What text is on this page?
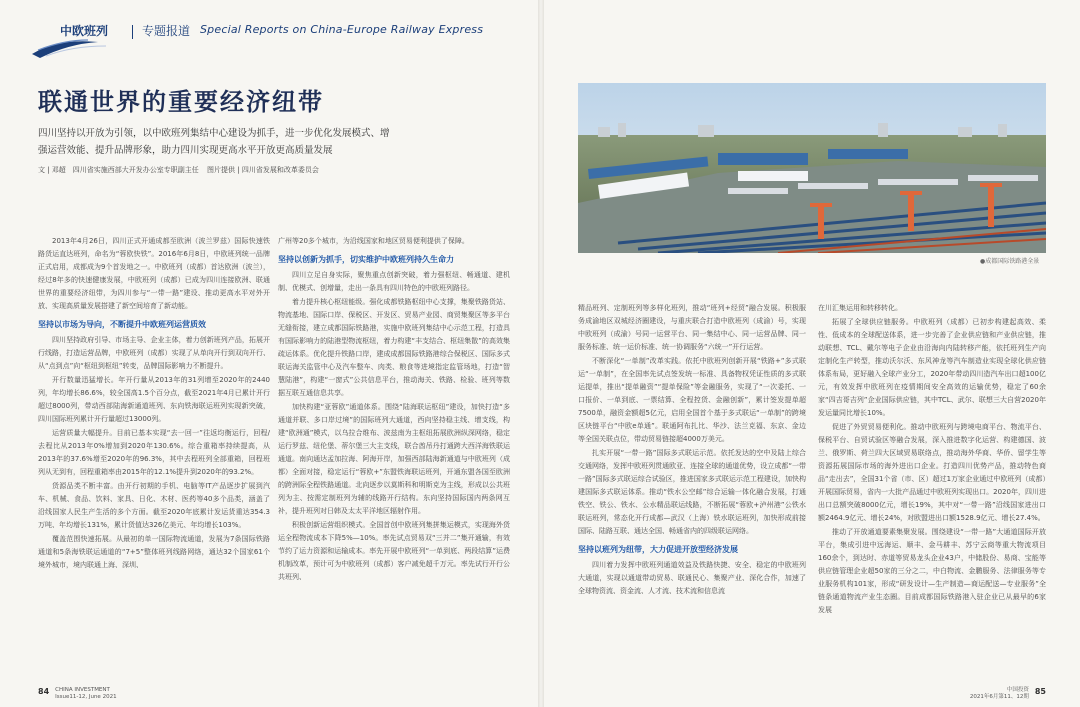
中欧班列	专题报道 Special Reports on China-Europe Railway Express
联通世界的重要经济纽带
四川坚持以开放为引领，以中欧班列集结中心建设为抓手，进一步优化发展模式、增强运营效能、提升品牌形象，助力四川实现更高水平开放更高质量发展
文 | 邓超　四川省实施西部大开发办公室专职副主任 图片提供 | 四川省发展和改革委员会
●成都国际铁路港全景

2013年4月26日，四川正式开通成都至欧洲（波兰罗兹）国际快速铁路货运直达班列，命名为“蓉欧快铁”。2016年6月8日，中欧班列统一品牌正式启用，成都成为9个首发地之一。中欧班列（成都）首达欧洲（波兰），经过8年多的快速健康发展，中欧班列（成都）已成为四川连接欧洲、联通世界的重要经济纽带，为四川参与“一带一路”建设、推动更高水平对外开放、实现高质量发展搭建了新空间培育了新动能。

坚持以市场为导向，不断提升中欧班列运营质效

四川坚持政府引导、市场主导、企业主体，着力创新班列产品，拓展开行线路，打造运营品牌，中欧班列（成都）实现了从单向开行到双向开行、从“点到点”向“枢纽到枢纽”转变，品牌国际影响力不断提升。

开行数量迅猛增长。年开行量从2013年的31列增至2020年的2440列，年均增长86.6%，较全国高1.5个百分点，截至2021年4月已累计开行超过8000列，带动西部陆海新通道班列、东向铁海联运班列实现新突破，四川国际班列累计开行量超过13000列。

运营质量大幅提升。目前已基本实现“去一回一”往返均衡运行，回程/去程比从2013年0%增加到2020年130.6%。综合重箱率持续提高，从2013年的37.6%增至2020年的96.3%，其中去程班列全部重箱，回程班列从无到有，回程重箱率由2015年的12.1%提升到2020年的93.2%。

货源品类不断丰富。由开行初期的手机、电脑等IT产品逐步扩展到汽车、机械、食品、饮料、家具、日化、木材、医药等40多个品类，涵盖了沿线国家人民生产生活的多个方面。截至2020年底累计发运货重达354.3万吨、年均增长131%，累计货值达326亿美元、年均增长103%。

覆盖范围快速拓展。从最初的单一国际物流通道，发展为7条国际铁路通道和5条海铁联运通道的“7+5”整体班列线路网络，通达32个国家61个境外城市，境内联通上海、深圳、

广州等20多个城市，为沿线国家和地区贸易便利提供了保障。

坚持以创新为抓手，切实维护中欧班列持久生命力

四川立足自身实际，聚焦重点创新突破，着力强枢纽、畅通道、建机制、优模式、创增量，走出一条具有四川特色的中欧班列路径。

着力提升核心枢纽能级。强化成都铁路枢纽中心支撑，集聚铁路货站、物流基地、国际口岸、保税区、开发区、贸易产业园、商贸集聚区等多平台无缝衔接，建立成都国际铁路港，实施中欧班列集结中心示范工程，打造具有国际影响力的陆港型物流枢纽，着力构建“丰支结合、枢纽集散”的高效集疏运体系。优化提升铁路口岸，建成成都国际铁路港综合保税区、国际多式联运海关监管中心及汽车整车、肉类、粮食等进境指定监管场地，打造“智慧陆港”，构建“一窗式”公共信息平台，推动海关、铁路、检验、班列等数据互联互通信息共享。

加快构建“亚蓉欧”通道体系。围绕“陆海联运枢纽”建设，加快打造“多通道并联、多口岸过境”的国际班列大通道，西向坚持稳主线、增支线，构建“欧洲通”模式，以乌拉合维布、波兹南为主枢纽拓展欧洲纵深网络，稳定运行罗兹、纽伦堡、蒂尔堡三大主支线，联合酋吊丹打通跨大西洋海铁联运通道。南向通达孟加拉海、阿海开岸，加强西部陆海新通道与中欧班列（成都）全面对接，稳定运行“蓉欧+”东盟铁海联运班列，开通东盟各国至欧洲的跨洲际全程铁路通道。北向逐步以莫斯科和明斯克为主线，形成以公共班列为主、按需定制班列为辅的线路开行结构。东向坚持国际国内两条网互补，提升班列对日韩及太太平洋地区辐射作用。

积极创新运营组织模式。全国首创中欧班列集拼集运模式，实现海外货运全程物流成本下降5%—10%。率先试点贸易双“三并二”集开通输，有效节约了运力资源和运输成本。率先开展中欧班列“一单到底、两段结算”运费机制改革，预计可为中欧班列（成都）客户减免超千万元。率先试行开行公共班列、

精品班列、定制班列等多样化班列，推动“班列+经贸”融合发展。积极服务成渝地区双城经济圈建设，与重庆联合打造中欧班列（成渝）号，实现中欧班列（成渝）号同一运营平台、同一集结中心、同一运营品牌、同一服务标准、统一运价标准、统一协调服务“六统一”开行运营。

不断深化“一单制”改革实践。依托中欧班列创新开展“铁路+”多式联运“一单制”，在全国率先试点签发统一标准、具备物权凭证性质的多式联运提单，推出“提单融资”“提单保险”等金融服务，实现了“一次委托、一口报价、一单到底、一票结算、全程控货、金融创新”，累计签发提单超7500单，融资金额超5亿元，启用全国首个基于多式联运“一单制”的跨境区块链平台“中欧e单通”。联通阿布扎比、华沙、法兰克福、东京、金边等全国关联点位，带动贸易链接超4000万美元。

扎实开展“一带一路”国际多式联运示范。依托发达的空中及陆上综合交通网络，发挥中欧班列贯通欧亚、连接全球的通道优势，设立成都“一带一路”国际多式联运综合试验区，推进国家多式联运示范工程建设，加快构建国际多式联运体系。推动“铁水公空邮”综合运输一体化融合发展，打通铁空、铁公、铁水、公水精品联运线路，不断拓展“蓉欧+泸州港”公铁水联运班列，常态化开行成都—武汉（上海）铁水联运班列，加快形成前接国际、陆路互联、通达全国、畅通省内的四级联运网络。

坚持以班列为纽带，大力促进开放型经济发展

四川着力发挥中欧班列通道效益及铁路快捷、安全、稳定的中欧班列大通道，实现以通道带动贸易、联通民心、集聚产业、深化合作，加速了全球物资流、资金流、人才流、技术流和信息流

在川汇集运用和转移转化。

拓展了全球供应链服务。中欧班列（成都）已初步构建起高效、柔性、低成本的全球配送体系，进一步完善了企业供应链和产业供应链，推动联想、TCL、戴尔等电子企业由沿海向内陆转移产能，依托班列生产向定制化生产转型，推动沃尔沃、东风神龙等汽车制造业实现全球化供应链体系布局，更好融入全球产业分工，2020年带动四川造汽车出口超100亿元，有效发挥中欧班列在疫情期间安全高效的运输优势，稳定了60余家“四吉哥吉列”企业国际供应链，其中TCL、武尔、联想三大自营2020年发运量同比增长10%。

促进了外贸贸易便利化。推动中欧班列与跨境电商平台、物流平台、保税平台、自贸试验区等融合发展，深入推进数字化运营、构建德国、波兰、俄罗斯、荷兰四大区域贸易联络点，推动海外华商、华侨、留学生等资源拓展国际市场的海外进出口企业。打造四川优势产品，推动特色商品“走出去”，全国31个省（市、区）超过1万家企业通过中欧班列（成都）开展国际贸易，省内一大批产品通过中欧班列实现出口。2020年，四川进出口总额突破8000亿元，增长19%，其中对“一带一路”沿线国家进出口额2464.9亿元、增长24%，对欧盟进出口额1528.9亿元、增长27.4%。

推动了开放通道要素集聚发展。围绕建设“一带一路”大通道国际开放平台，集成引进中远海运、顺丰、金马耕丰、苏宁云商等重大物流项目160余个，到达时、赤道等贸易龙头企业43户，中储股份、易商、宝能等供应链管理企业超50家的三分之二，中白物流、金鹏服务、法律服务等专业服务机构101家，形成“研发设计—生产制造—商运配送—专业服务”全链条通道物流产业生态圈。目前成都国际铁路港入驻企业已从最早的6家发展

84 CHINA INVESTMENT
Issue11-12, June 2021
中国投资
2021年6月第11、12期
85
